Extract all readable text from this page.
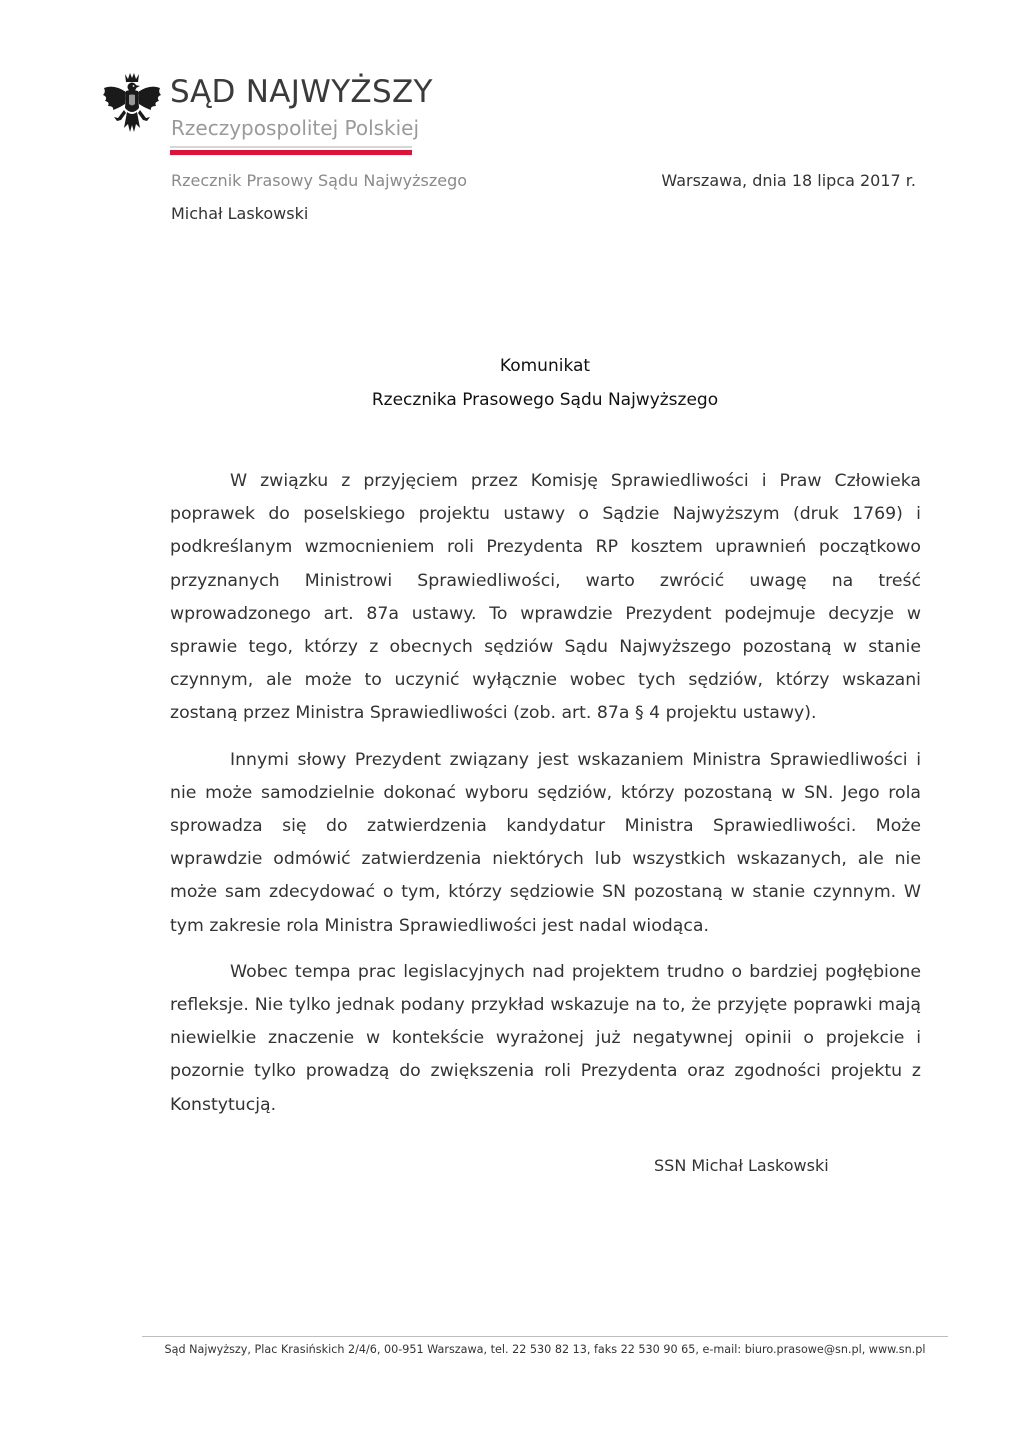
SĄD NAJWYŻSZY
Rzeczypospolitej Polskiej
Rzecznik Prasowy Sądu Najwyższego	Warszawa, dnia 18 lipca 2017 r.
Michał Laskowski
Komunikat
Rzecznika Prasowego Sądu Najwyższego

W związku z przyjęciem przez Komisję Sprawiedliwości i Praw Człowieka poprawek do poselskiego projektu ustawy o Sądzie Najwyższym (druk 1769) i podkreślanym wzmocnieniem roli Prezydenta RP kosztem uprawnień początkowo przyznanych Ministrowi Sprawiedliwości, warto zwrócić uwagę na treść wprowadzonego art. 87a ustawy. To wprawdzie Prezydent podejmuje decyzje w sprawie tego, którzy z obecnych sędziów Sądu Najwyższego pozostaną w stanie czynnym, ale może to uczynić wyłącznie wobec tych sędziów, którzy wskazani zostaną przez Ministra Sprawiedliwości (zob. art. 87a § 4 projektu ustawy).

Innymi słowy Prezydent związany jest wskazaniem Ministra Sprawiedliwości i nie może samodzielnie dokonać wyboru sędziów, którzy pozostaną w SN. Jego rola sprowadza się do zatwierdzenia kandydatur Ministra Sprawiedliwości. Może wprawdzie odmówić zatwierdzenia niektórych lub wszystkich wskazanych, ale nie może sam zdecydować o tym, którzy sędziowie SN pozostaną w stanie czynnym. W tym zakresie rola Ministra Sprawiedliwości jest nadal wiodąca.

Wobec tempa prac legislacyjnych nad projektem trudno o bardziej pogłębione refleksje. Nie tylko jednak podany przykład wskazuje na to, że przyjęte poprawki mają niewielkie znaczenie w kontekście wyrażonej już negatywnej opinii o projekcie i pozornie tylko prowadzą do zwiększenia roli Prezydenta oraz zgodności projektu z Konstytucją.

SSN Michał Laskowski
Sąd Najwyższy, Plac Krasińskich 2/4/6, 00-951 Warszawa, tel. 22 530 82 13, faks 22 530 90 65, e-mail: biuro.prasowe@sn.pl, www.sn.pl
